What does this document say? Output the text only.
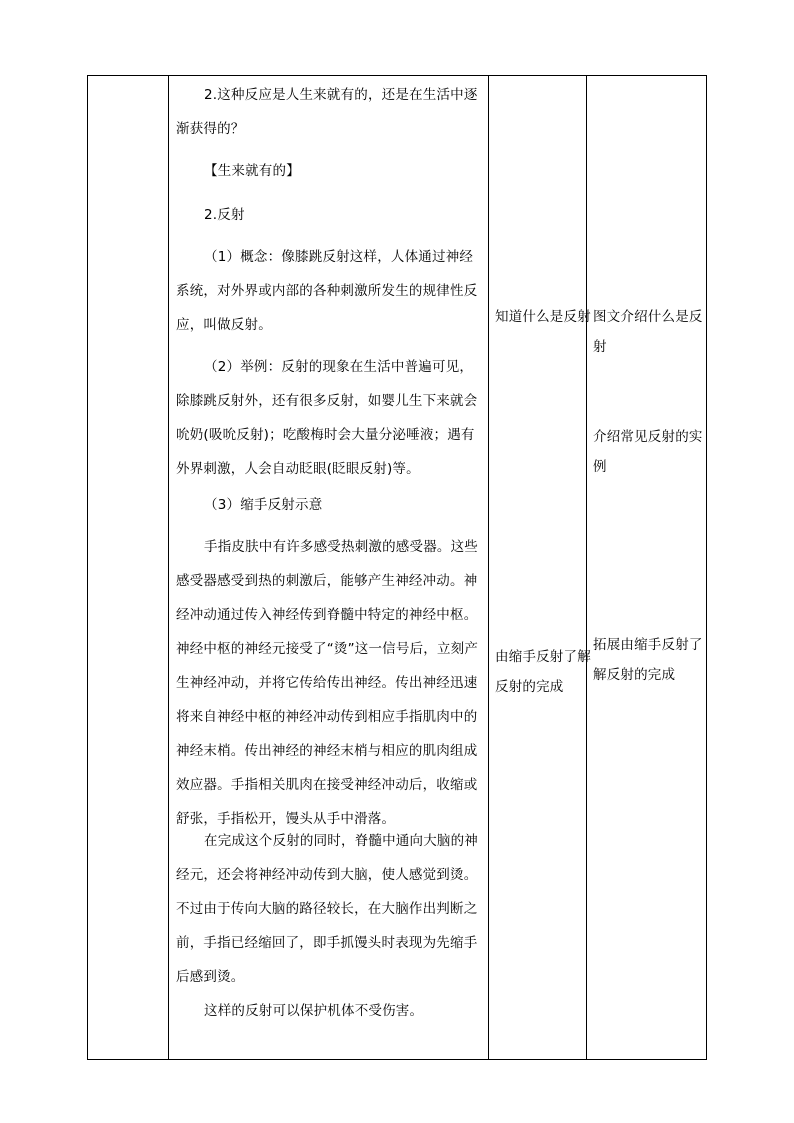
2.这种反应是人生来就有的，还是在生活中逐渐获得的？

【生来就有的】

2.反射

（1）概念：像膝跳反射这样，人体通过神经系统，对外界或内部的各种刺激所发生的规律性反应，叫做反射。

（2）举例：反射的现象在生活中普遍可见，除膝跳反射外，还有很多反射，如婴儿生下来就会吮奶(吸吮反射)；吃酸梅时会大量分泌唾液；遇有外界刺激，人会自动眨眼(眨眼反射)等。

（3）缩手反射示意

手指皮肤中有许多感受热刺激的感受器。这些感受器感受到热的刺激后，能够产生神经冲动。神经冲动通过传入神经传到脊髓中特定的神经中枢。神经中枢的神经元接受了“烫”这一信号后，立刻产生神经冲动，并将它传给传出神经。传出神经迅速将来自神经中枢的神经冲动传到相应手指肌肉中的神经末梢。传出神经的神经末梢与相应的肌肉组成效应器。手指相关肌肉在接受神经冲动后，收缩或舒张，手指松开，馒头从手中滑落。

在完成这个反射的同时，脊髓中通向大脑的神经元，还会将神经冲动传到大脑，使人感觉到烫。不过由于传向大脑的路径较长，在大脑作出判断之前，手指已经缩回了，即手抓馒头时表现为先缩手后感到烫。

这样的反射可以保护机体不受伤害。

知道什么是反射

由缩手反射了解反射的完成

图文介绍什么是反射

介绍常见反射的实例

拓展由缩手反射了解反射的完成
